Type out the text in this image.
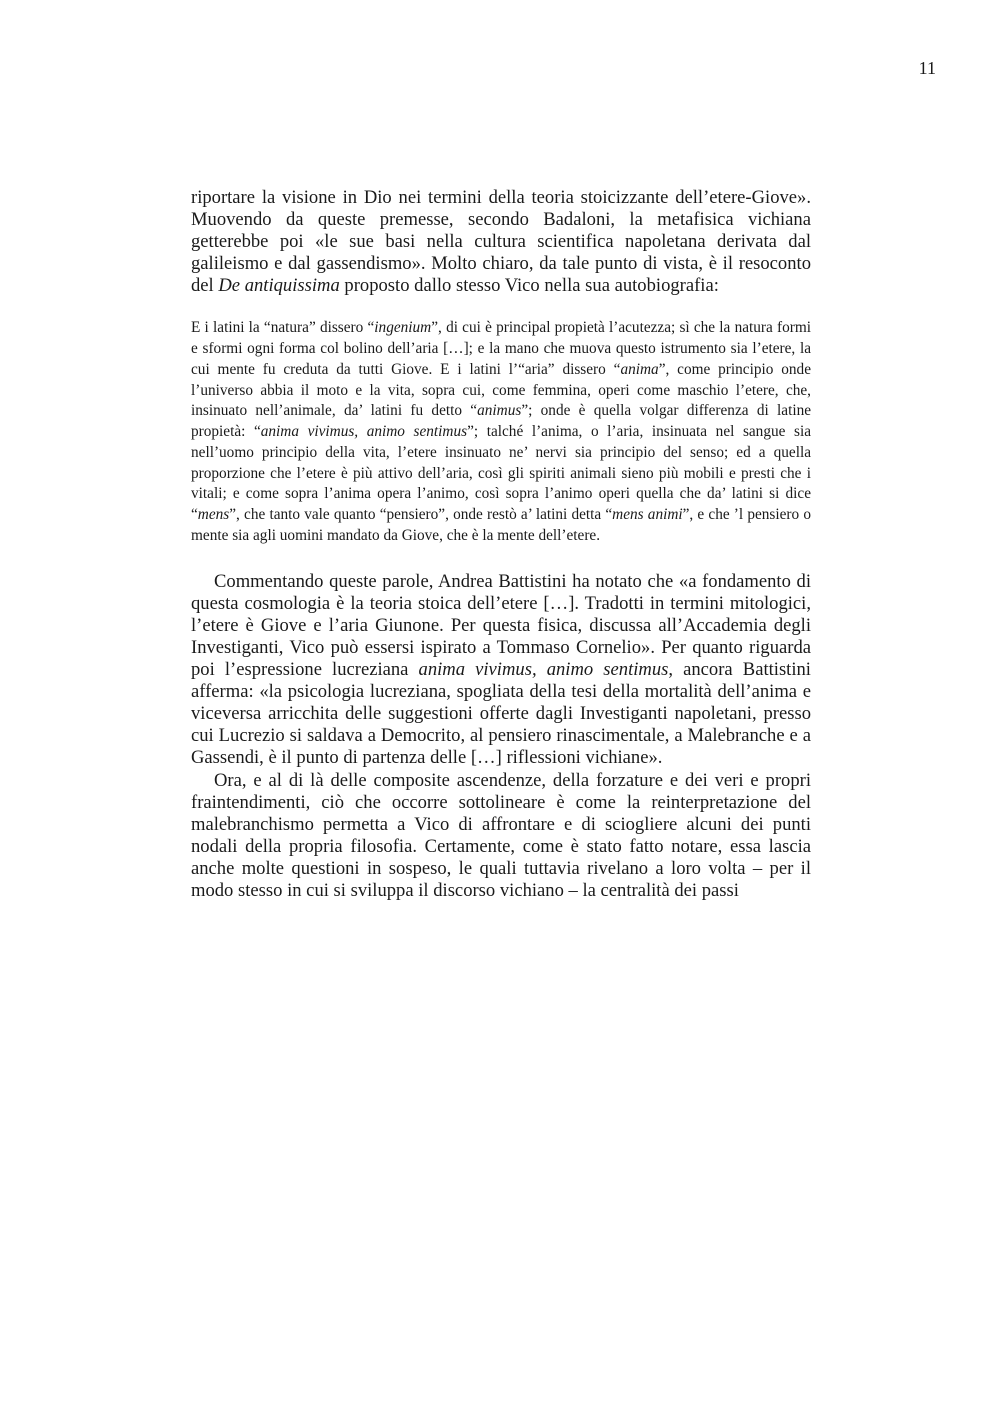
11

riportare la visione in Dio nei termini della teoria stoicizzante dell’etere-Giove». Muovendo da queste premesse, secondo Badaloni, la metafisica vichiana getterebbe poi «le sue basi nella cultura scientifica napoletana derivata dal galileismo e dal gassendismo». Molto chiaro, da tale punto di vista, è il resoconto del De antiquissima proposto dallo stesso Vico nella sua autobiografia:

E i latini la “natura” dissero “ingenium”, di cui è principal propietà l’acutezza; sì che la natura formi e sformi ogni forma col bolino dell’aria […]; e la mano che muova questo istrumento sia l’etere, la cui mente fu creduta da tutti Giove. E i latini l’“aria” dissero “anima”, come principio onde l’universo abbia il moto e la vita, sopra cui, come femmina, operi come maschio l’etere, che, insinuato nell’animale, da’ latini fu detto “animus”; onde è quella volgar differenza di latine propietà: “anima vivimus, animo sentimus”; talché l’anima, o l’aria, insinuata nel sangue sia nell’uomo principio della vita, l’etere insinuato ne’ nervi sia principio del senso; ed a quella proporzione che l’etere è più attivo dell’aria, così gli spiriti animali sieno più mobili e presti che i vitali; e come sopra l’anima opera l’animo, così sopra l’animo operi quella che da’ latini si dice “mens”, che tanto vale quanto “pensiero”, onde restò a’ latini detta “mens animi”, e che ’l pensiero o mente sia agli uomini mandato da Giove, che è la mente dell’etere.

Commentando queste parole, Andrea Battistini ha notato che «a fondamento di questa cosmologia è la teoria stoica dell’etere […]. Tradotti in termini mitologici, l’etere è Giove e l’aria Giunone. Per questa fisica, discussa all’Accademia degli Investiganti, Vico può essersi ispirato a Tommaso Cornelio». Per quanto riguarda poi l’espressione lucreziana anima vivimus, animo sentimus, ancora Battistini afferma: «la psicologia lucreziana, spogliata della tesi della mortalità dell’anima e viceversa arricchita delle suggestioni offerte dagli Investiganti napoletani, presso cui Lucrezio si saldava a Democrito, al pensiero rinascimentale, a Malebranche e a Gassendi, è il punto di partenza delle […] riflessioni vichiane».

Ora, e al di là delle composite ascendenze, della forzature e dei veri e propri fraintendimenti, ciò che occorre sottolineare è come la reinterpretazione del malebranchismo permetta a Vico di affrontare e di sciogliere alcuni dei punti nodali della propria filosofia. Certamente, come è stato fatto notare, essa lascia anche molte questioni in sospeso, le quali tuttavia rivelano a loro volta – per il modo stesso in cui si sviluppa il discorso vichiano – la centralità dei passi
